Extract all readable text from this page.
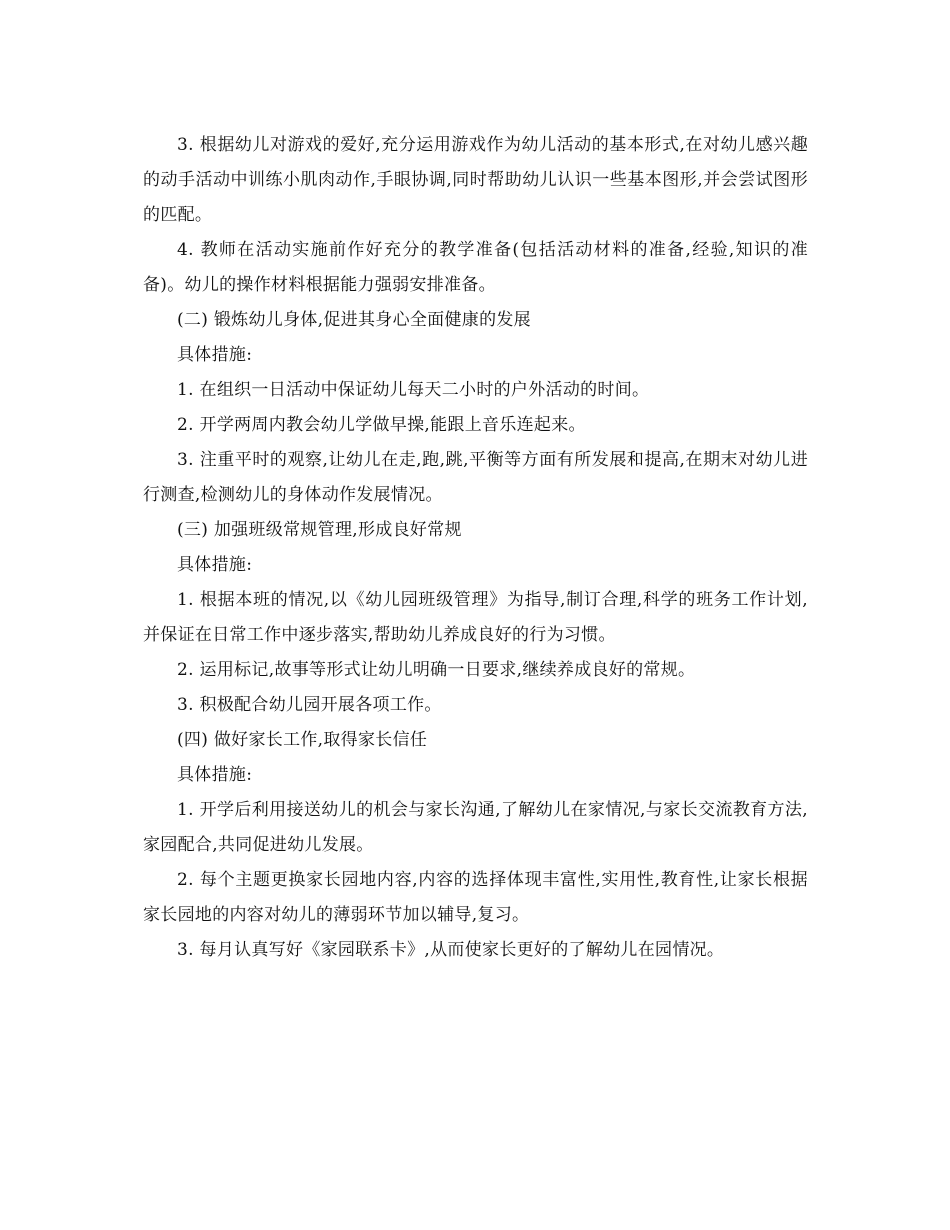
3. 根据幼儿对游戏的爱好,充分运用游戏作为幼儿活动的基本形式,在对幼儿感兴趣的动手活动中训练小肌肉动作,手眼协调,同时帮助幼儿认识一些基本图形,并会尝试图形的匹配。

4. 教师在活动实施前作好充分的教学准备(包括活动材料的准备,经验,知识的准备)。幼儿的操作材料根据能力强弱安排准备。

(二) 锻炼幼儿身体,促进其身心全面健康的发展

具体措施:

1. 在组织一日活动中保证幼儿每天二小时的户外活动的时间。

2. 开学两周内教会幼儿学做早操,能跟上音乐连起来。

3. 注重平时的观察,让幼儿在走,跑,跳,平衡等方面有所发展和提高,在期末对幼儿进行测查,检测幼儿的身体动作发展情况。

(三) 加强班级常规管理,形成良好常规

具体措施:

1. 根据本班的情况,以《幼儿园班级管理》为指导,制订合理,科学的班务工作计划,并保证在日常工作中逐步落实,帮助幼儿养成良好的行为习惯。

2. 运用标记,故事等形式让幼儿明确一日要求,继续养成良好的常规。

3. 积极配合幼儿园开展各项工作。

(四) 做好家长工作,取得家长信任

具体措施:

1. 开学后利用接送幼儿的机会与家长沟通,了解幼儿在家情况,与家长交流教育方法,家园配合,共同促进幼儿发展。

2. 每个主题更换家长园地内容,内容的选择体现丰富性,实用性,教育性,让家长根据家长园地的内容对幼儿的薄弱环节加以辅导,复习。

3. 每月认真写好《家园联系卡》,从而使家长更好的了解幼儿在园情况。
